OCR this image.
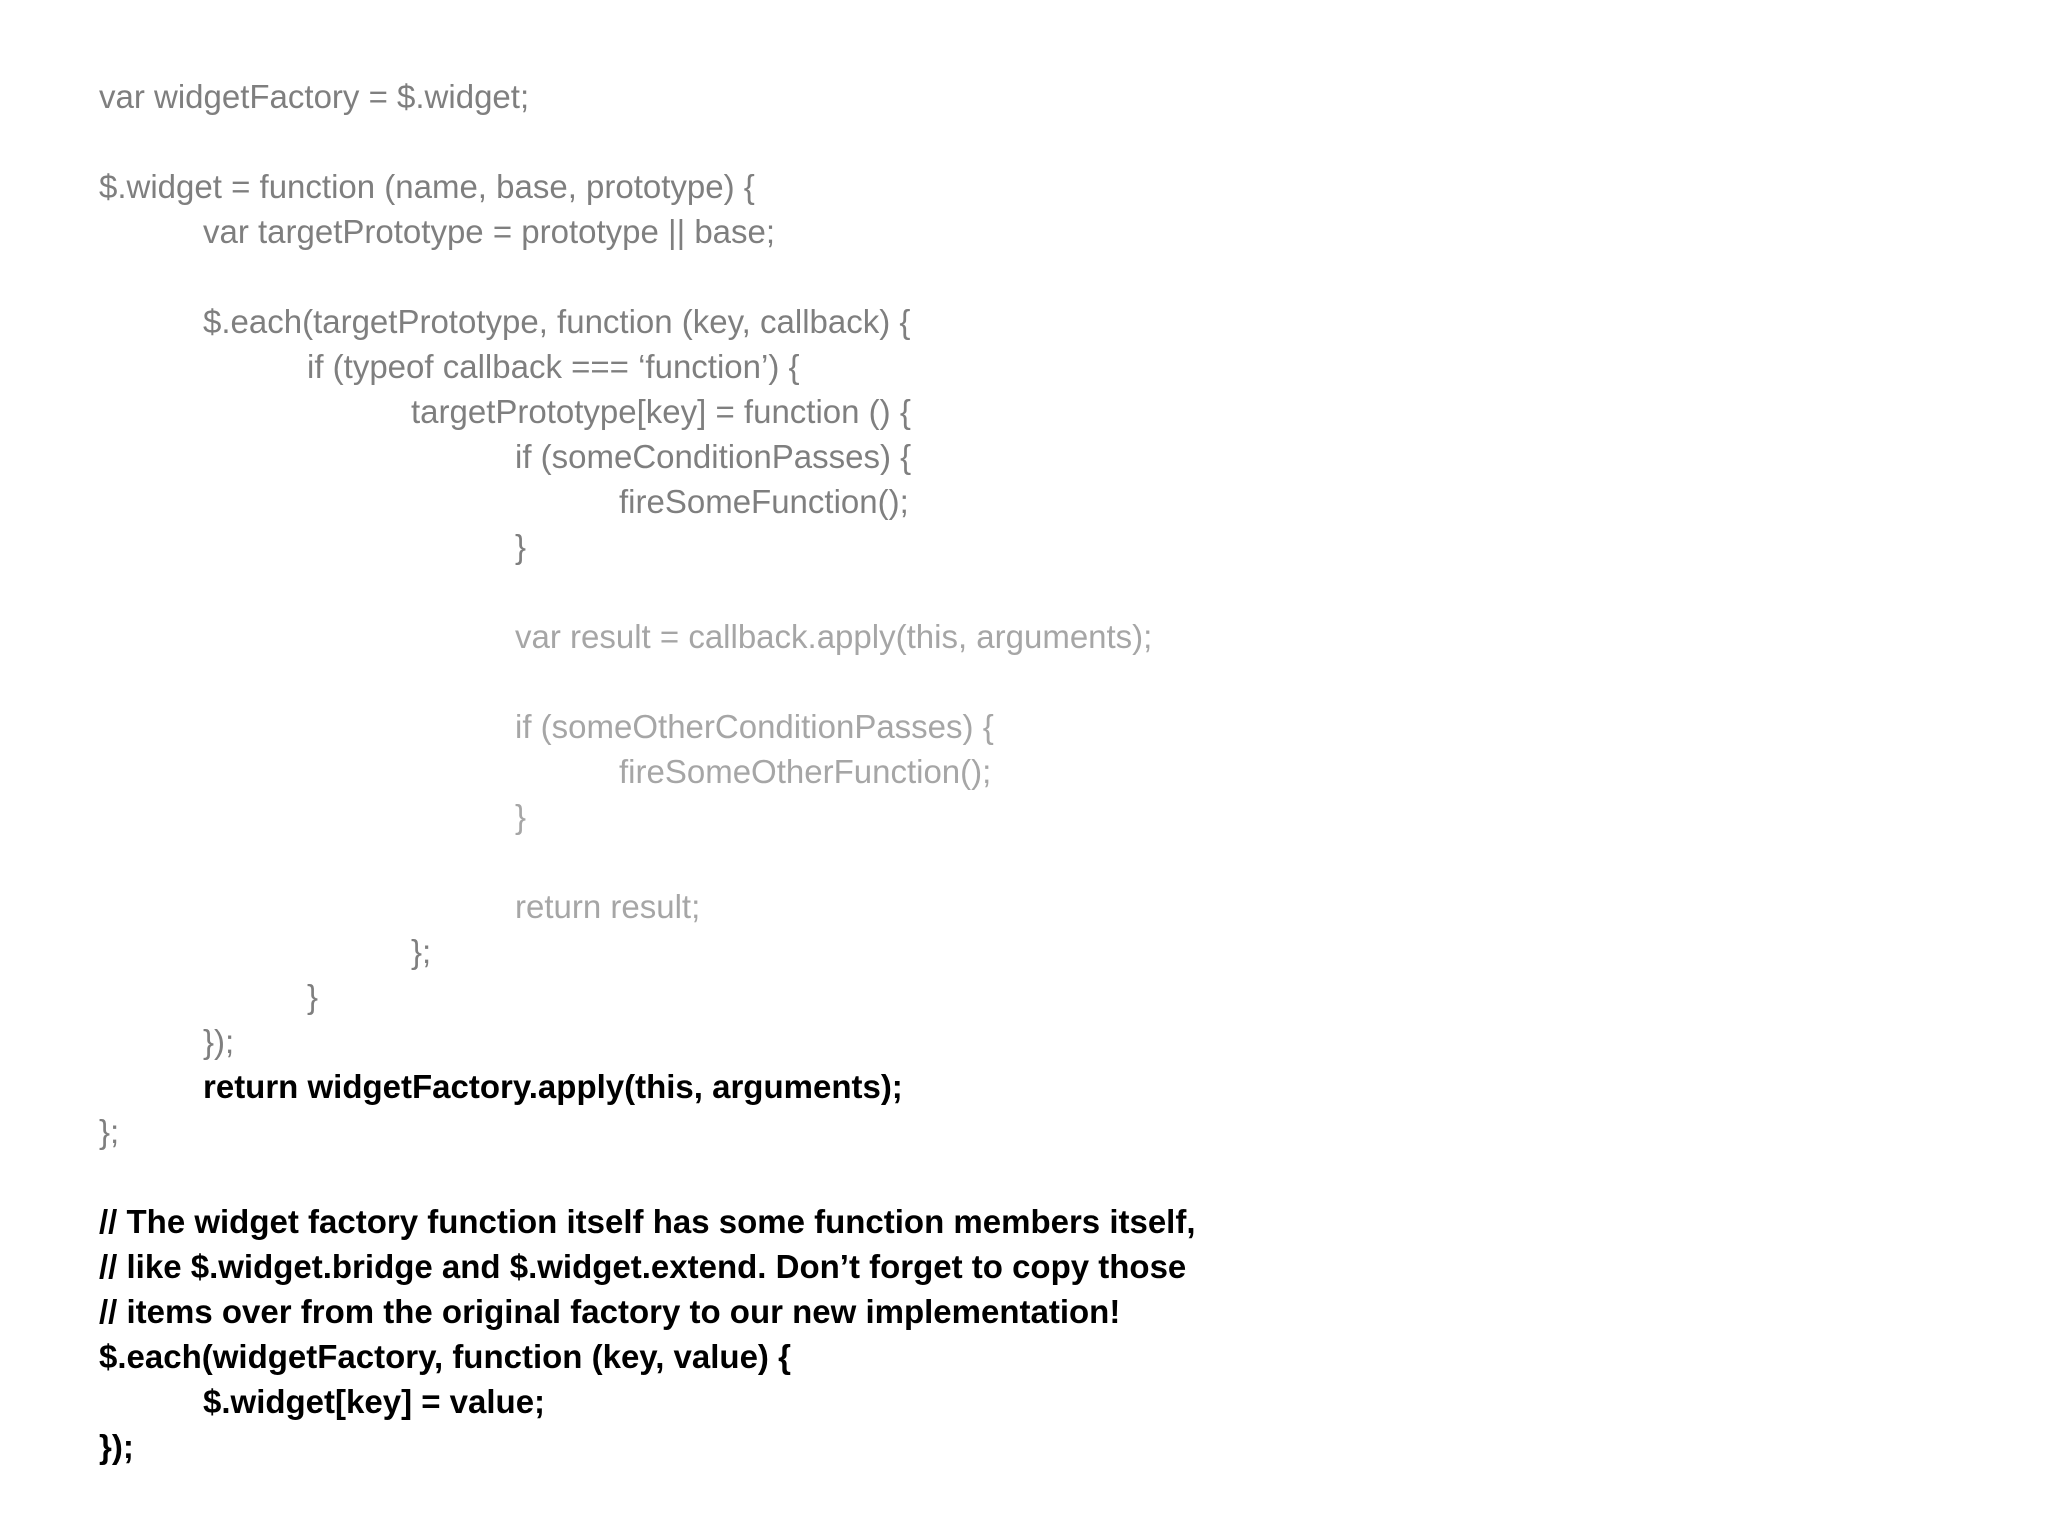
var widgetFactory = $.widget;
$.widget = function (name, base, prototype) {
var targetPrototype = prototype || base;
$.each(targetPrototype, function (key, callback) {
if (typeof callback === ‘function’) {
targetPrototype[key] = function () {
if (someConditionPasses) {
fireSomeFunction();
}
var result = callback.apply(this, arguments);
if (someOtherConditionPasses) {
fireSomeOtherFunction();
}
return result;
};
}
});
return widgetFactory.apply(this, arguments);
};
// The widget factory function itself has some function members itself,
// like $.widget.bridge and $.widget.extend. Don’t forget to copy those
// items over from the original factory to our new implementation!
$.each(widgetFactory, function (key, value) {
$.widget[key] = value;
});
